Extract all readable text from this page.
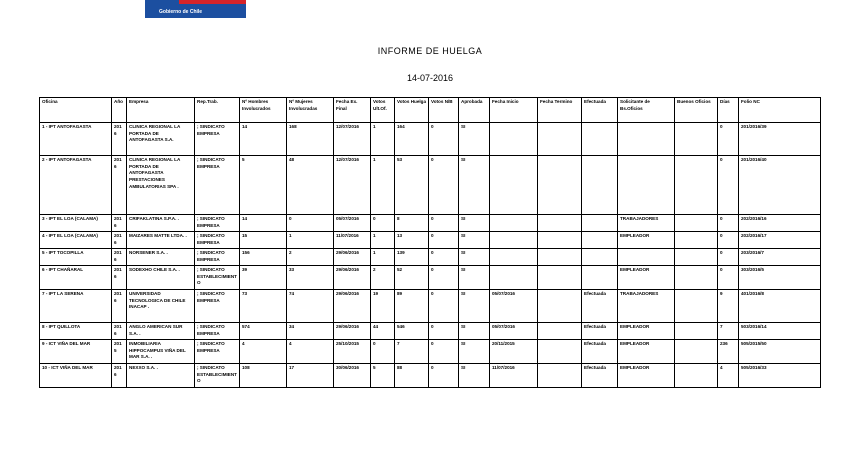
Gobierno de Chile
INFORME DE HUELGA
14-07-2016
Oficina	Año	Empresa	Rep.Trab.	Nº Hombres Involucrados	Nº Mujeres Involucradas	Fecha Ex. Final	Votos Ult.Of.	Votos Huelga	Votos N/B	Aprobada	Fecha Inicio	Fecha Termino	Efectuada	Solicitante de Bs.Oficios	Buenos Oficios	Días	Folio NC
1 - IPT ANTOFAGASTA	2016	CLINICA REGIONAL LA PORTADA DE ANTOFAGASTA S.A.	; SINDICATO EMPRESA	14	168	12/07/2016	1	164	0	SI						0	201/2016/39
2 - IPT ANTOFAGASTA	2016	CLINICA REGIONAL LA PORTADA DE ANTOFAGASTA PRESTACIONES AMBULATORIAS SPA .	; SINDICATO EMPRESA	5	48	12/07/2016	1	53	0	SI						0	201/2016/40
3 - IPT EL LOA (CALAMA)	2016	CRIFAKLATINA S.P.A. .	; SINDICATO EMPRESA	14	0	05/07/2016	0	8	0	SI				TRABAJADORES		0	202/2016/16
4 - IPT EL LOA (CALAMA)	2016	MAIZARES MATTE LTDA. .	; SINDICATO EMPRESA	15	1	11/07/2016	1	13	0	SI				EMPLEADOR		0	202/2016/17
5 - IPT TOCOPILLA	2016	NORSENER S.A. .	; SINDICATO EMPRESA	156	2	29/06/2016	1	139	0	SI						0	203/2016/7
6 - IPT CHAÑARAL	2016	SODEXHO CHILE S.A. .	; SINDICATO ESTABLECIMIENTO	39	33	29/06/2016	2	52	0	SI				EMPLEADOR		0	303/2016/5
7 - IPT LA SERENA	2016	UNIVERSIDAD TECNOLOGICA DE CHILE INACAP .	; SINDICATO EMPRESA	73	74	29/06/2016	19	89	0	SI	05/07/2016		Efectuada	TRABAJADORES		9	401/2016/8
8 - IPT QUILLOTA	2016	ANGLO AMERICAN SUR S.A. .	; SINDICATO EMPRESA	574	34	29/06/2016	44	546	0	SI	05/07/2016		Efectuada	EMPLEADOR		7	503/2016/14
9 - ICT VIÑA DEL MAR	2015	INMOBILIARIA HIPPOCAMPUS VIÑA DEL MAR S.A. .	; SINDICATO EMPRESA	4	4	25/10/2015	0	7	0	SI	20/11/2015		Efectuada	EMPLEADOR		236	505/2015/50
10 - ICT VIÑA DEL MAR	2016	NEXXO S.A. .	; SINDICATO ESTABLECIMIENTO	108	17	30/06/2016	5	88	0	SI	11/07/2016		Efectuada	EMPLEADOR		4	505/2016/33
